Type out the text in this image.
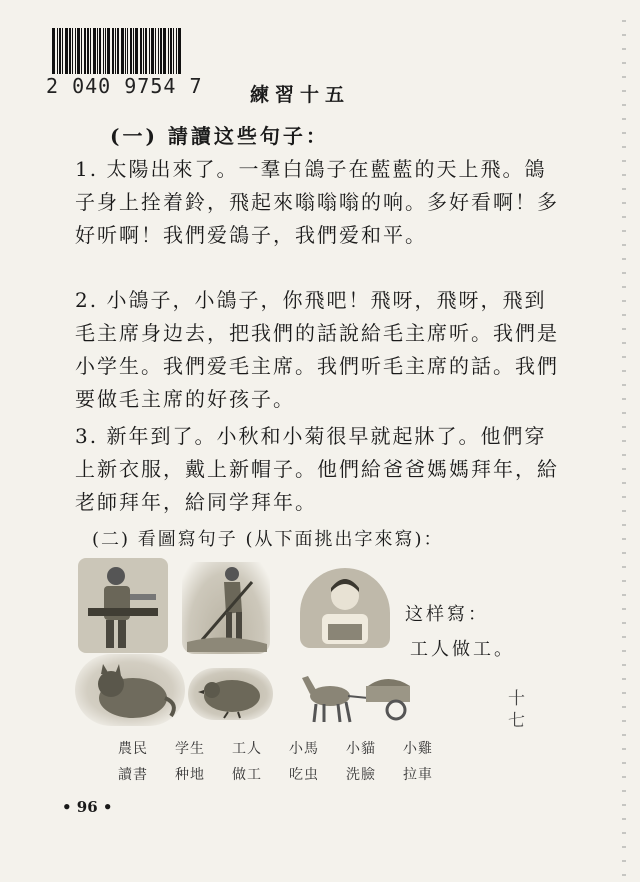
2 040 9754 7	練習十五
(一) 請讀这些句子：
1. 太陽出來了。一羣白鴿子在藍藍的天上飛。鴿子身上拴着鈴，飛起來嗡嗡嗡的响。多好看啊！多好听啊！我們爱鴿子，我們爱和平。
2. 小鴿子，小鴿子，你飛吧！飛呀，飛呀，飛到毛主席身边去，把我們的話說給毛主席听。我們是小学生。我們爱毛主席。我們听毛主席的話。我們要做毛主席的好孩子。
3. 新年到了。小秋和小菊很早就起牀了。他們穿上新衣服，戴上新帽子。他們給爸爸媽媽拜年，給老師拜年，給同学拜年。
(二) 看圖寫句子 (从下面挑出字來寫)：
这样寫：
工人做工。
農民	学生	工人	小馬	小貓	小雞
讀書	种地	做工	吃虫	洗臉	拉車
十七
• 96 •
